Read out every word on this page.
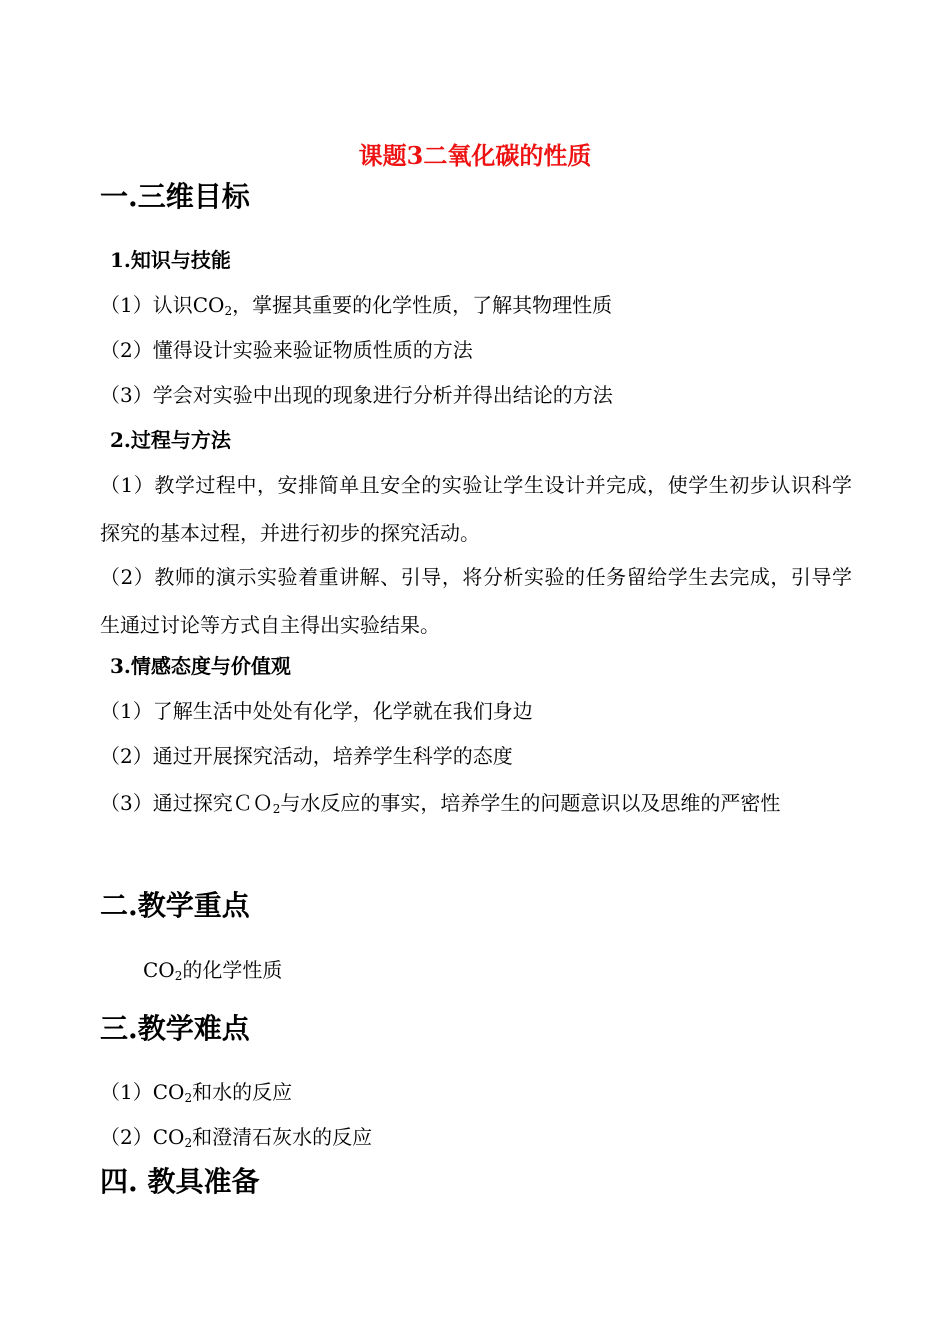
课题3二氧化碳的性质
一.三维目标
1.知识与技能
（1）认识$CO_2$，掌握其重要的化学性质，了解其物理性质
（2）懂得设计实验来验证物质性质的方法
（3）学会对实验中出现的现象进行分析并得出结论的方法
2.过程与方法
（1）教学过程中，安排简单且安全的实验让学生设计并完成，使学生初步认识科学探究的基本过程，并进行初步的探究活动。
（2）教师的演示实验着重讲解、引导，将分析实验的任务留给学生去完成，引导学生通过讨论等方式自主得出实验结果。
3.情感态度与价值观
（1）了解生活中处处有化学，化学就在我们身边
（2）通过开展探究活动，培养学生科学的态度
（3）通过探究ＣＯ$_2$与水反应的事实，培养学生的问题意识以及思维的严密性
二.教学重点
$CO_2$的化学性质
三.教学难点
$(1)CO_2$和水的反应
$(2)CO_2$和澄清石灰水的反应
四. 教具准备
